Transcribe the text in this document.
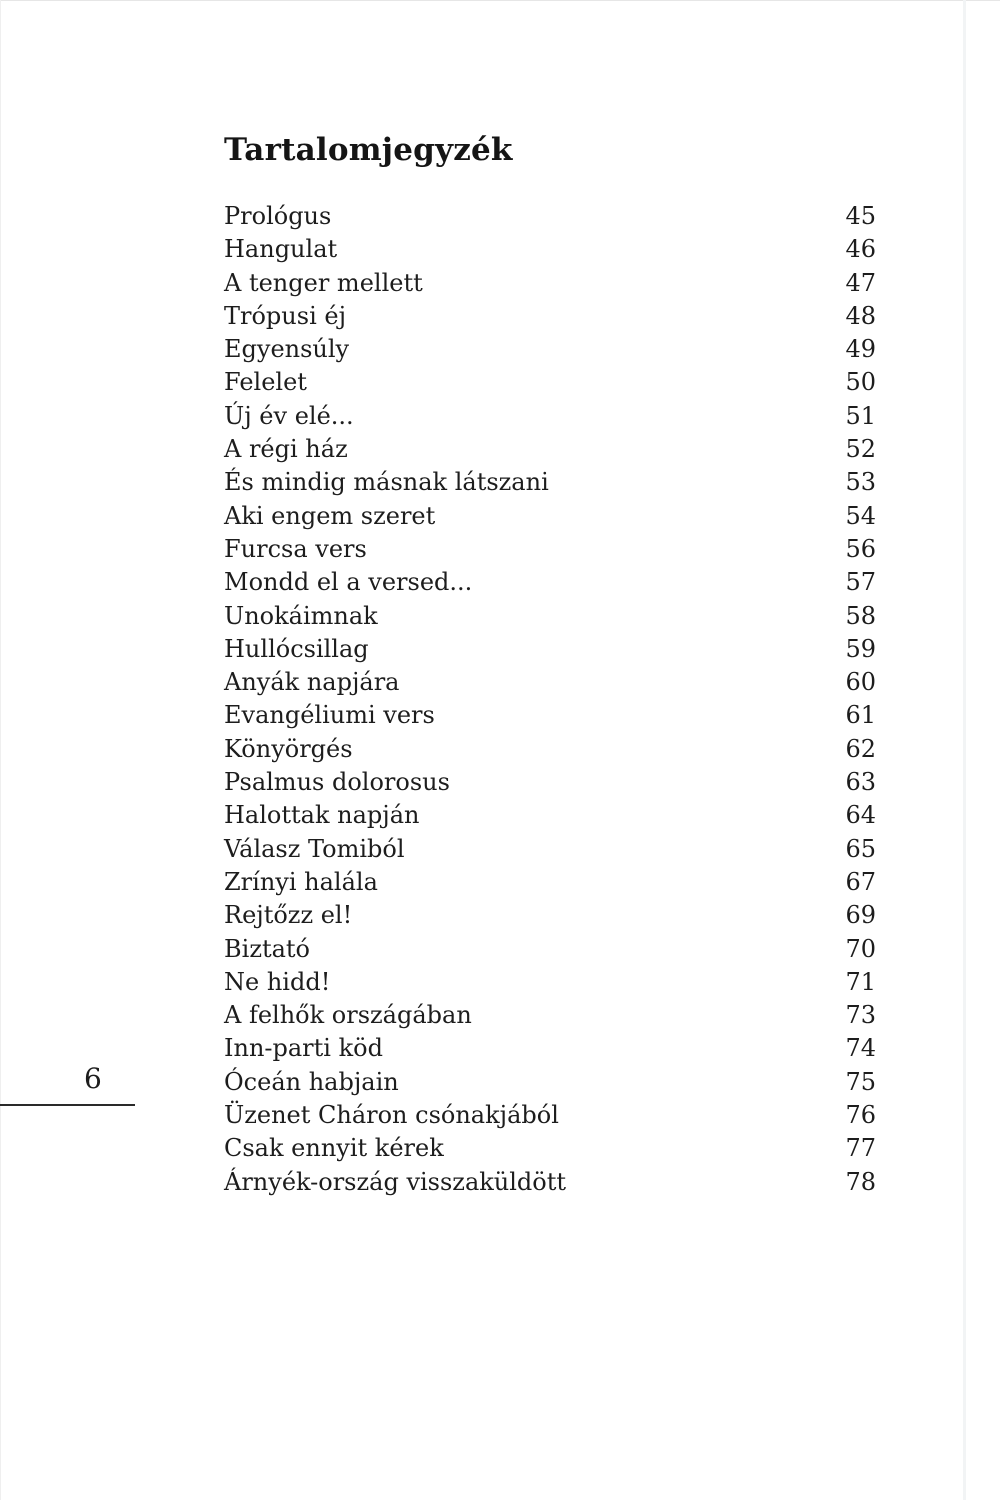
Tartalomjegyzék
Prológus	45
Hangulat	46
A tenger mellett	47
Trópusi éj	48
Egyensúly	49
Felelet	50
Új év elé...	51
A régi ház	52
És mindig másnak látszani	53
Aki engem szeret	54
Furcsa vers	56
Mondd el a versed...	57
Unokáimnak	58
Hullócsillag	59
Anyák napjára	60
Evangéliumi vers	61
Könyörgés	62
Psalmus dolorosus	63
Halottak napján	64
Válasz Tomiból	65
Zrínyi halála	67
Rejtőzz el!	69
Biztató	70
Ne hidd!	71
A felhők országában	73
Inn-parti köd	74
Óceán habjain	75
Üzenet Cháron csónakjából	76
Csak ennyit kérek	77
Árnyék-ország visszaküldött	78
6
